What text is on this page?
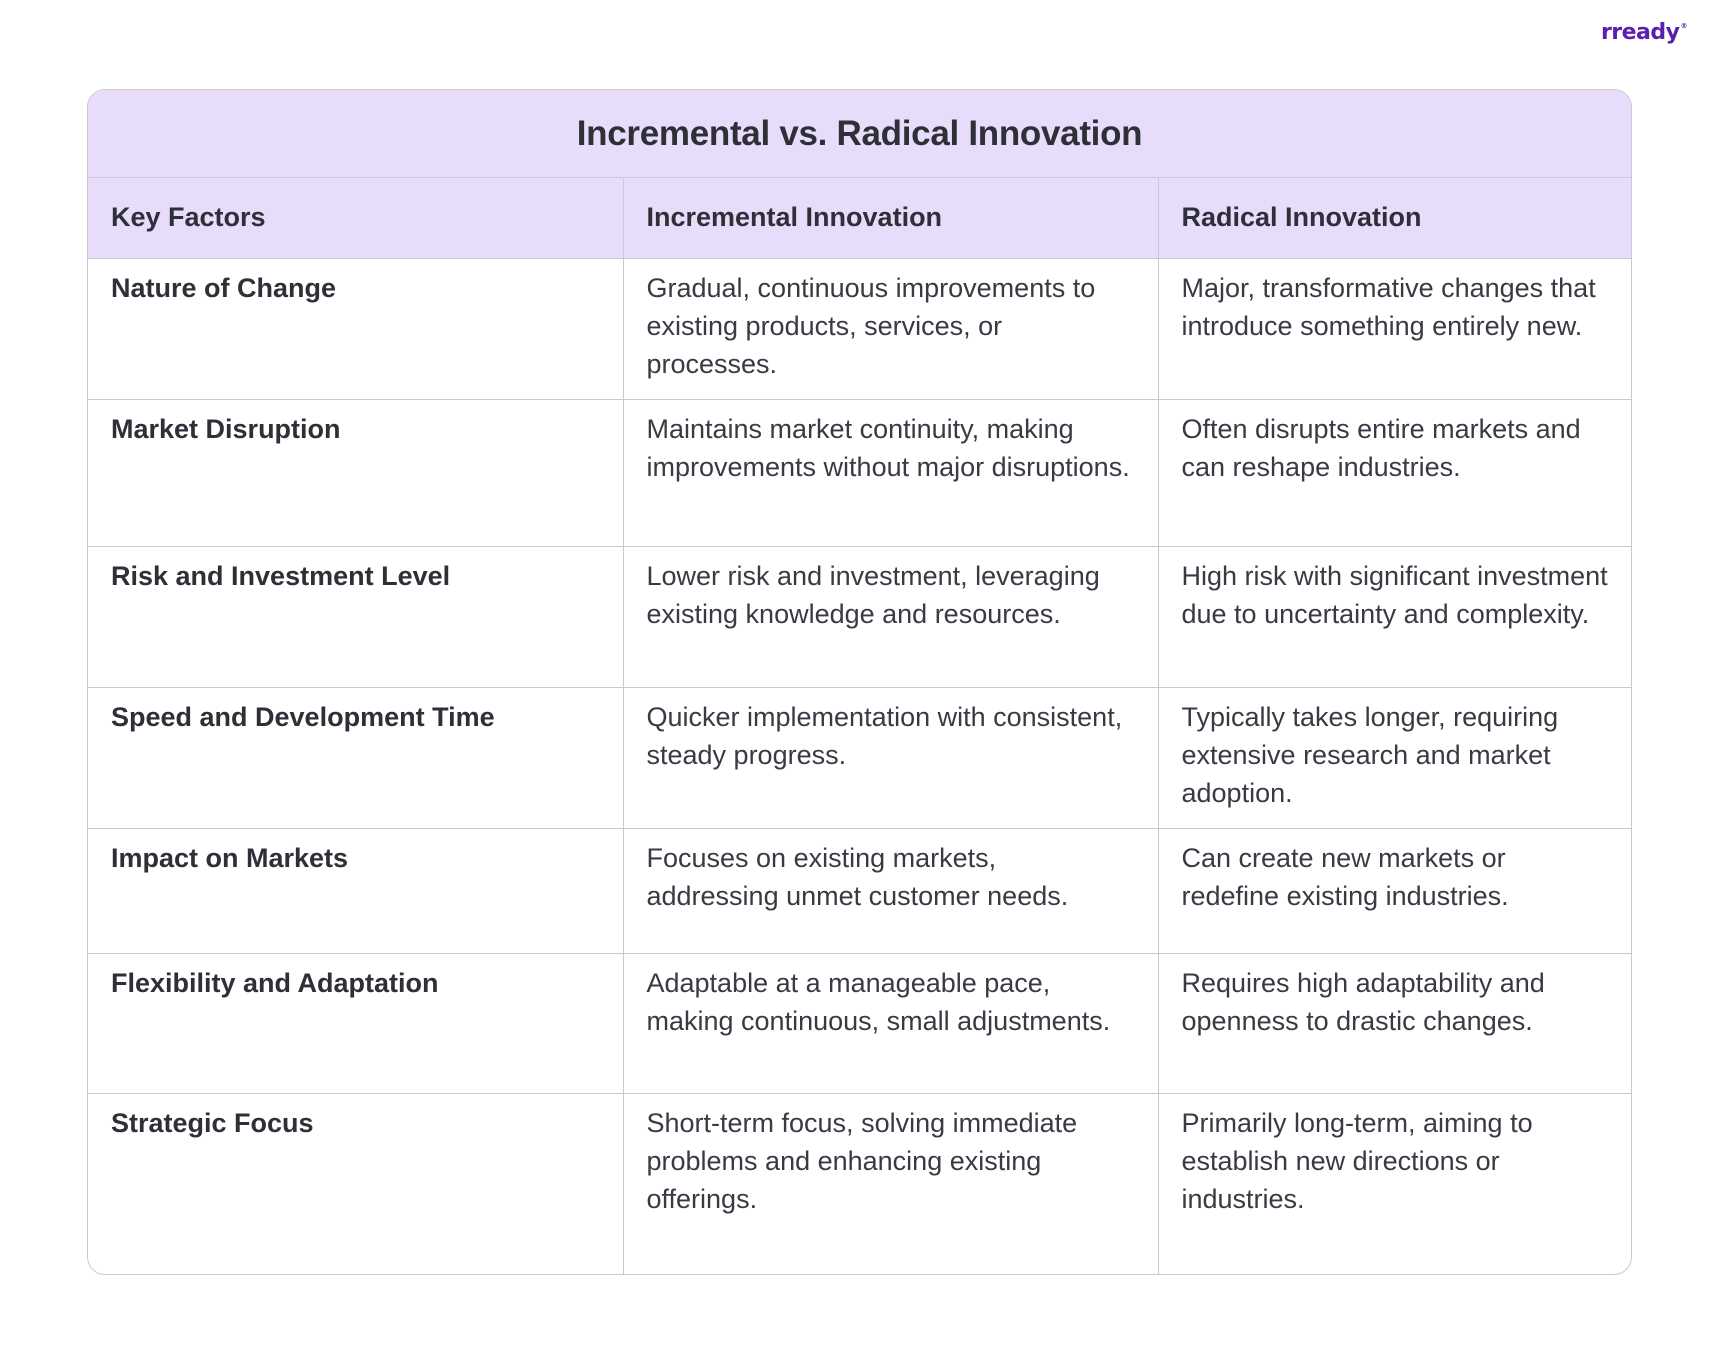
rready®
Incremental vs. Radical Innovation
Key Factors	Incremental Innovation	Radical Innovation
Nature of Change	Gradual, continuous improvements to existing products, services, or processes.	Major, transformative changes that introduce something entirely new.
Market Disruption	Maintains market continuity, making improvements without major disruptions.	Often disrupts entire markets and can reshape industries.
Risk and Investment Level	Lower risk and investment, leveraging existing knowledge and resources.	High risk with significant investment due to uncertainty and complexity.
Speed and Development Time	Quicker implementation with consistent, steady progress.	Typically takes longer, requiring extensive research and market adoption.
Impact on Markets	Focuses on existing markets, addressing unmet customer needs.	Can create new markets or redefine existing industries.
Flexibility and Adaptation	Adaptable at a manageable pace, making continuous, small adjustments.	Requires high adaptability and openness to drastic changes.
Strategic Focus	Short-term focus, solving immediate problems and enhancing existing offerings.	Primarily long-term, aiming to establish new directions or industries.
